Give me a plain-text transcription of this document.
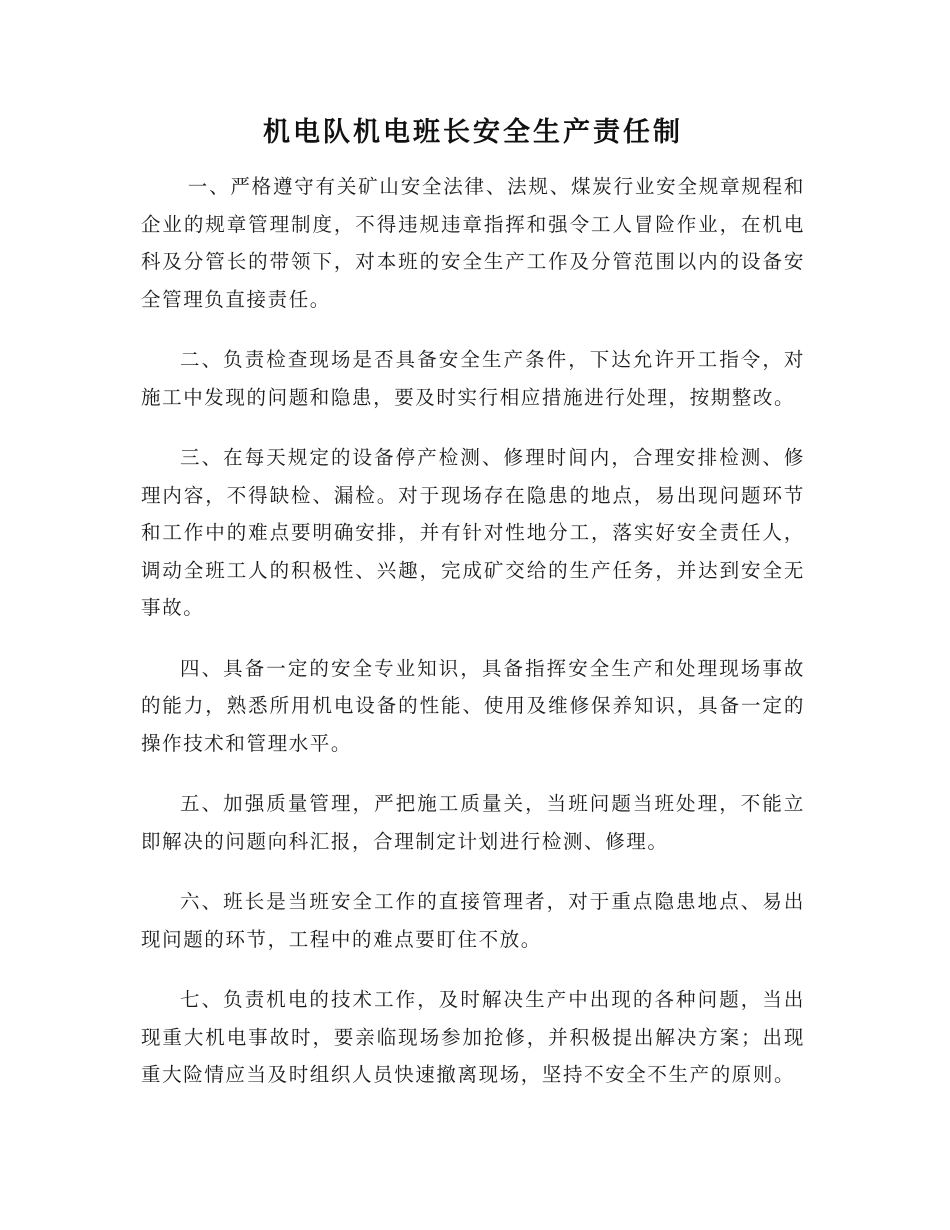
机电队机电班长安全生产责任制

一、严格遵守有关矿山安全法律、法规、煤炭行业安全规章规程和企业的规章管理制度，不得违规违章指挥和强令工人冒险作业，在机电科及分管长的带领下，对本班的安全生产工作及分管范围以内的设备安全管理负直接责任。

二、负责检查现场是否具备安全生产条件，下达允许开工指令，对施工中发现的问题和隐患，要及时实行相应措施进行处理，按期整改。

三、在每天规定的设备停产检测、修理时间内，合理安排检测、修理内容，不得缺检、漏检。对于现场存在隐患的地点，易出现问题环节和工作中的难点要明确安排，并有针对性地分工，落实好安全责任人，调动全班工人的积极性、兴趣，完成矿交给的生产任务，并达到安全无事故。

四、具备一定的安全专业知识，具备指挥安全生产和处理现场事故的能力，熟悉所用机电设备的性能、使用及维修保养知识，具备一定的操作技术和管理水平。

五、加强质量管理，严把施工质量关，当班问题当班处理，不能立即解决的问题向科汇报，合理制定计划进行检测、修理。

六、班长是当班安全工作的直接管理者，对于重点隐患地点、易出现问题的环节，工程中的难点要盯住不放。

七、负责机电的技术工作，及时解决生产中出现的各种问题，当出现重大机电事故时，要亲临现场参加抢修，并积极提出解决方案；出现重大险情应当及时组织人员快速撤离现场，坚持不安全不生产的原则。
